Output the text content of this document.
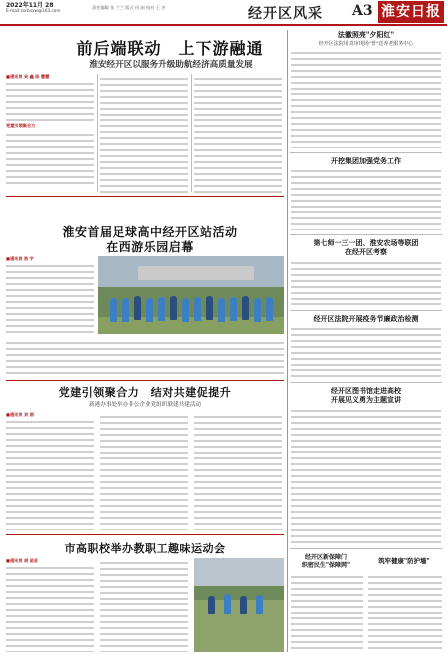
2022年11月 28
E-mail:zxrbxxw@163.com
责任编辑 张 兰兰 版式 何 刚 校对 王 杰	经开区风采 A3 淮安日报
前后端联动　上下游融通
淮安经开区以服务升级助航经济高质量发展
■通讯员 吴 鑫 陈 慧慧
党建引领聚合力
淮安首届足球高中经开区站活动
在西游乐园启幕
■通讯员 浩 宇
党建引领聚合力　结对共建促提升
新港办事处举办非公企业党组织联建共建活动
■通讯员 刘 丽
市高职校举办教职工趣味运动会
■通讯员 胡 苗苗
法徽照亮"夕阳红"
经开区法院用真审现场"普"送养老服务中心
开挖集团加强党务工作
第七师一三一团、淮安农场等联团
在经开区考察
经开区法院开展疫务节廉政治检测
经开区图书馆走进高校
开展见义勇为主题宣讲
经开区新保障门
织密民生"保障网"
筑牢健康"防护墙"
